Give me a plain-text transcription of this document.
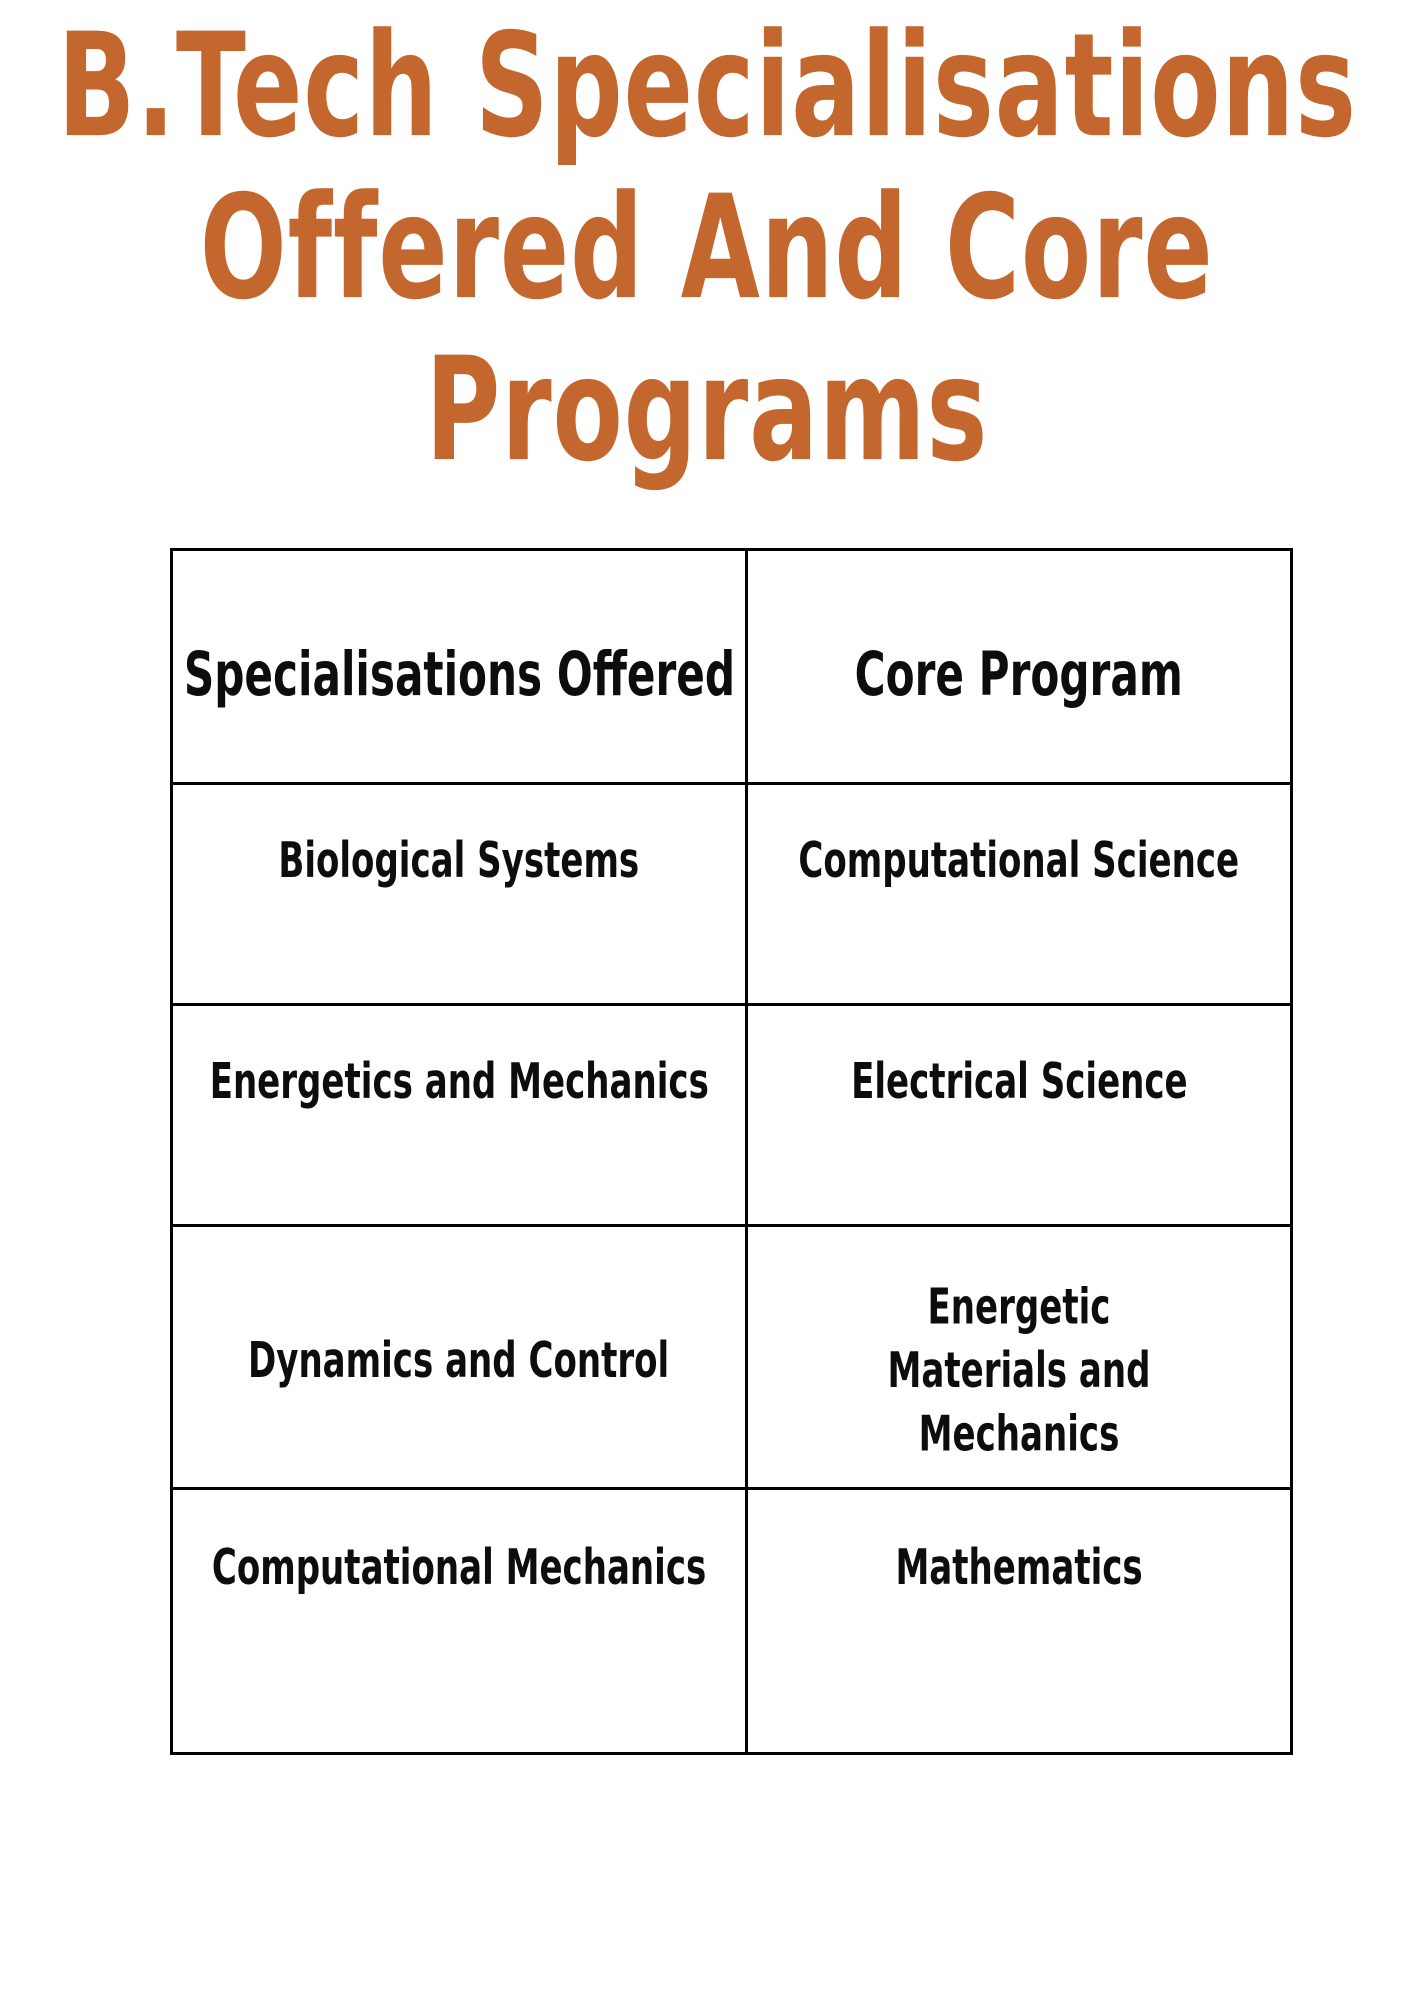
B.Tech Specialisations
Offered And Core
Programs
Specialisations Offered	Core Program

Biological Systems	Computational Science

Energetics and Mechanics	Electrical Science

Dynamics and Control	Energetic Materials and Mechanics

Computational Mechanics	Mathematics
